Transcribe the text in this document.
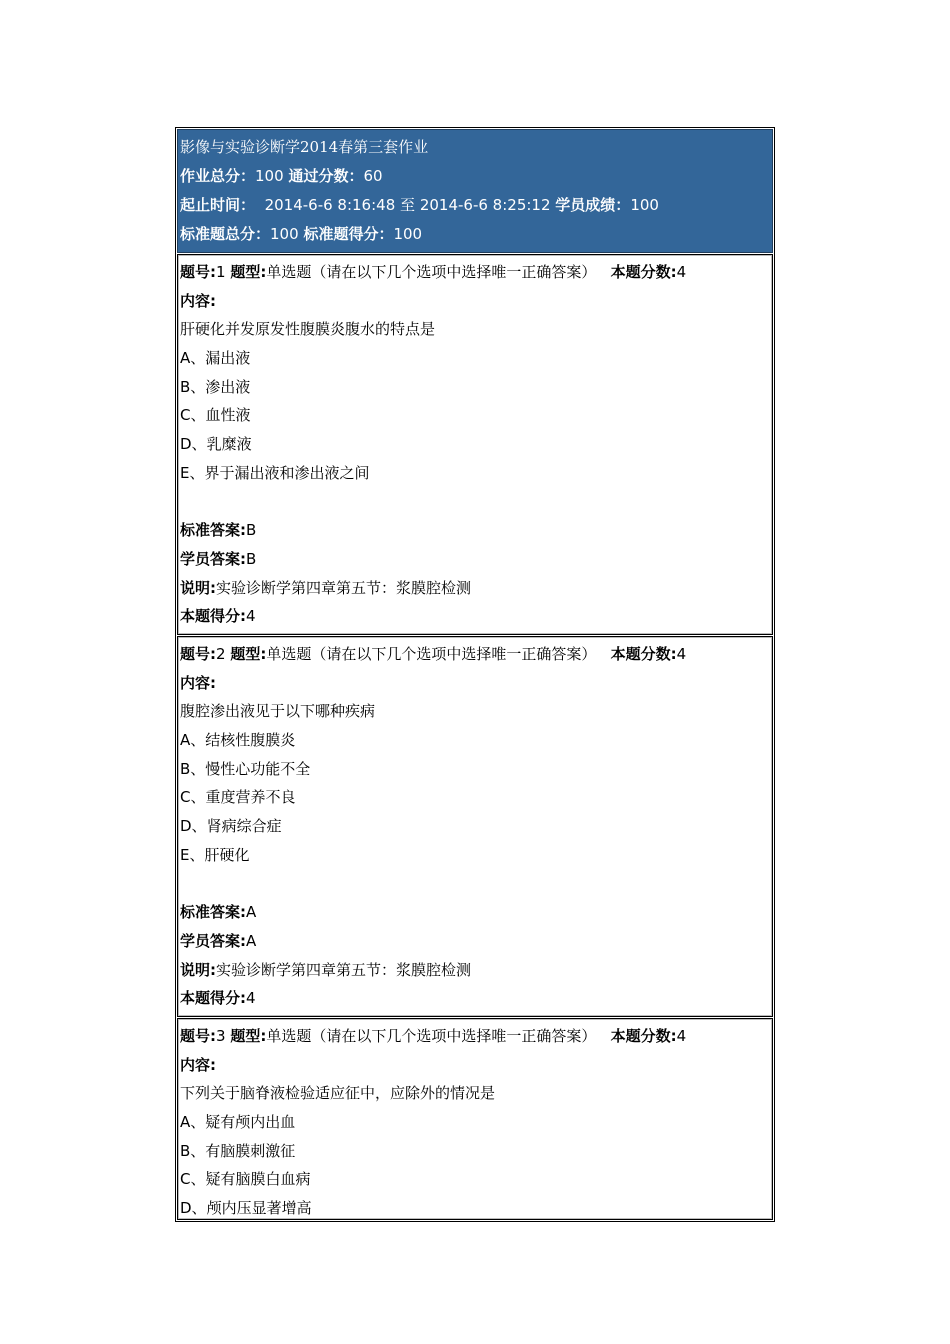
影像与实验诊断学2014春第三套作业
作业总分：100 通过分数：60
起止时间： 2014-6-6 8:16:48 至 2014-6-6 8:25:12 学员成绩：100
标准题总分：100 标准题得分：100
题号:1 题型:单选题（请在以下几个选项中选择唯一正确答案） 本题分数:4
内容:
肝硬化并发原发性腹膜炎腹水的特点是
A、漏出液
B、渗出液
C、血性液
D、乳糜液
E、界于漏出液和渗出液之间
标准答案:B
学员答案:B
说明:实验诊断学第四章第五节：浆膜腔检测
本题得分:4
题号:2 题型:单选题（请在以下几个选项中选择唯一正确答案） 本题分数:4
内容:
腹腔渗出液见于以下哪种疾病
A、结核性腹膜炎
B、慢性心功能不全
C、重度营养不良
D、肾病综合症
E、肝硬化
标准答案:A
学员答案:A
说明:实验诊断学第四章第五节：浆膜腔检测
本题得分:4
题号:3 题型:单选题（请在以下几个选项中选择唯一正确答案） 本题分数:4
内容:
下列关于脑脊液检验适应征中，应除外的情况是
A、疑有颅内出血
B、有脑膜刺激征
C、疑有脑膜白血病
D、颅内压显著增高
